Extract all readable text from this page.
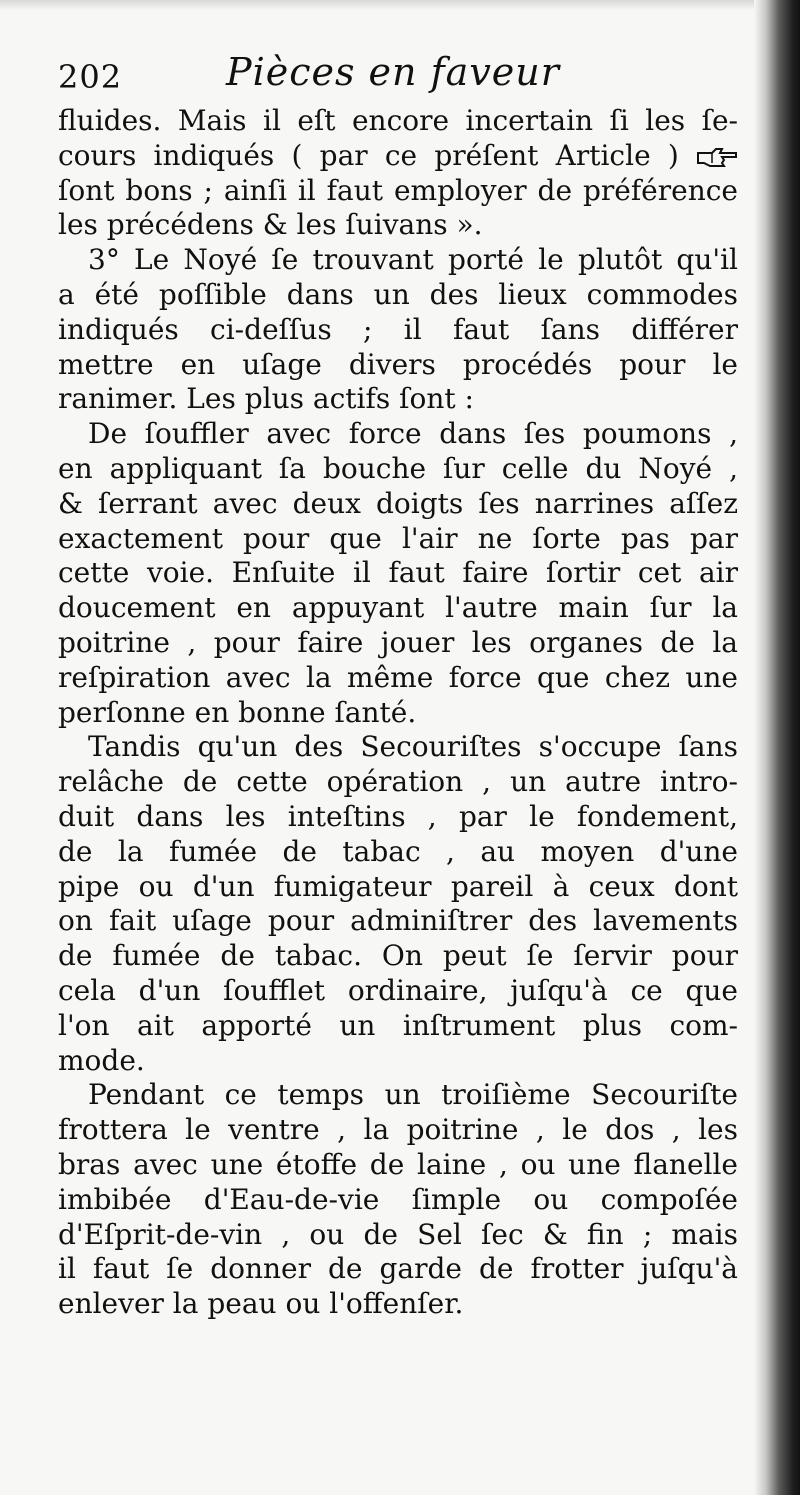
202	Pièces en faveur

fluides. Mais il eſt encore incertain ſi les ſe-
cours indiqués ( par ce préſent Article )
ſont bons ; ainſi il faut employer de préférence
les précédens & les ſuivans ».

3° Le Noyé ſe trouvant porté le plutôt qu'il
a été poſſible dans un des lieux commodes
indiqués ci-deſſus ; il faut ſans différer
mettre en uſage divers procédés pour le
ranimer. Les plus actifs ſont :

De ſouffler avec force dans ſes poumons ,
en appliquant ſa bouche ſur celle du Noyé ,
& ſerrant avec deux doigts ſes narrines aſſez
exactement pour que l'air ne ſorte pas par
cette voie. Enſuite il faut faire ſortir cet air
doucement en appuyant l'autre main ſur la
poitrine , pour faire jouer les organes de la
reſpiration avec la même force que chez une
perſonne en bonne ſanté.

Tandis qu'un des Secouriſtes s'occupe ſans
relâche de cette opération , un autre intro-
duit dans les inteſtins , par le fondement,
de la fumée de tabac , au moyen d'une
pipe ou d'un fumigateur pareil à ceux dont
on fait uſage pour adminiſtrer des lavements
de fumée de tabac. On peut ſe ſervir pour
cela d'un ſoufflet ordinaire, juſqu'à ce que
l'on ait apporté un inſtrument plus com-
mode.

Pendant ce temps un troiſième Secouriſte
frottera le ventre , la poitrine , le dos , les
bras avec une étoffe de laine , ou une flanelle
imbibée d'Eau-de-vie ſimple ou compoſée
d'Eſprit-de-vin , ou de Sel ſec & fin ; mais
il faut ſe donner de garde de frotter juſqu'à
enlever la peau ou l'offenſer.
